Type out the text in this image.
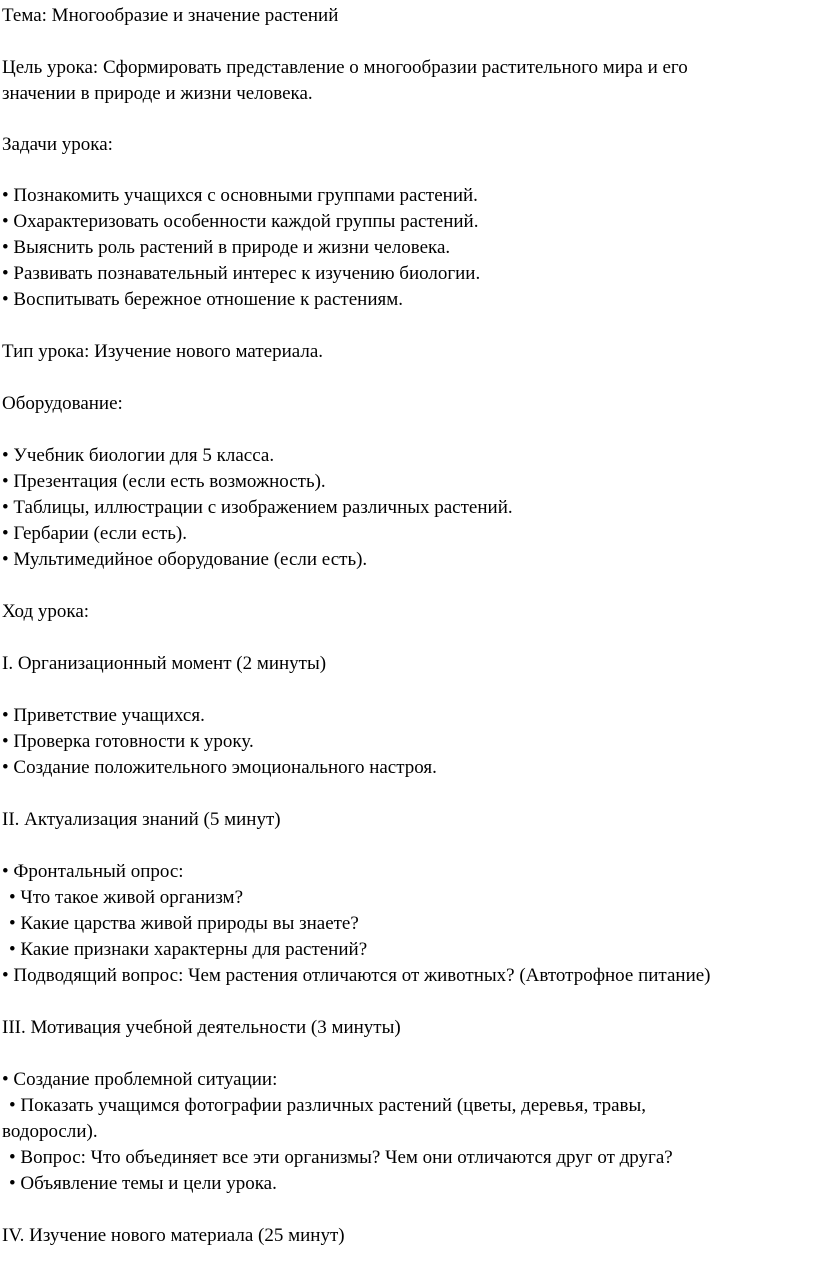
Тема: Многообразие и значение растений
Цель урока: Сформировать представление о многообразии растительного мира и его
значении в природе и жизни человека.
Задачи урока:
• Познакомить учащихся с основными группами растений.
• Охарактеризовать особенности каждой группы растений.
• Выяснить роль растений в природе и жизни человека.
• Развивать познавательный интерес к изучению биологии.
• Воспитывать бережное отношение к растениям.
Тип урока: Изучение нового материала.
Оборудование:
• Учебник биологии для 5 класса.
• Презентация (если есть возможность).
• Таблицы, иллюстрации с изображением различных растений.
• Гербарии (если есть).
• Мультимедийное оборудование (если есть).
Ход урока:
I. Организационный момент (2 минуты)
• Приветствие учащихся.
• Проверка готовности к уроку.
• Создание положительного эмоционального настроя.
II. Актуализация знаний (5 минут)
• Фронтальный опрос:
• Что такое живой организм?
• Какие царства живой природы вы знаете?
• Какие признаки характерны для растений?
• Подводящий вопрос: Чем растения отличаются от животных? (Автотрофное питание)
III. Мотивация учебной деятельности (3 минуты)
• Создание проблемной ситуации:
• Показать учащимся фотографии различных растений (цветы, деревья, травы,
водоросли).
• Вопрос: Что объединяет все эти организмы? Чем они отличаются друг от друга?
• Объявление темы и цели урока.
IV. Изучение нового материала (25 минут)
